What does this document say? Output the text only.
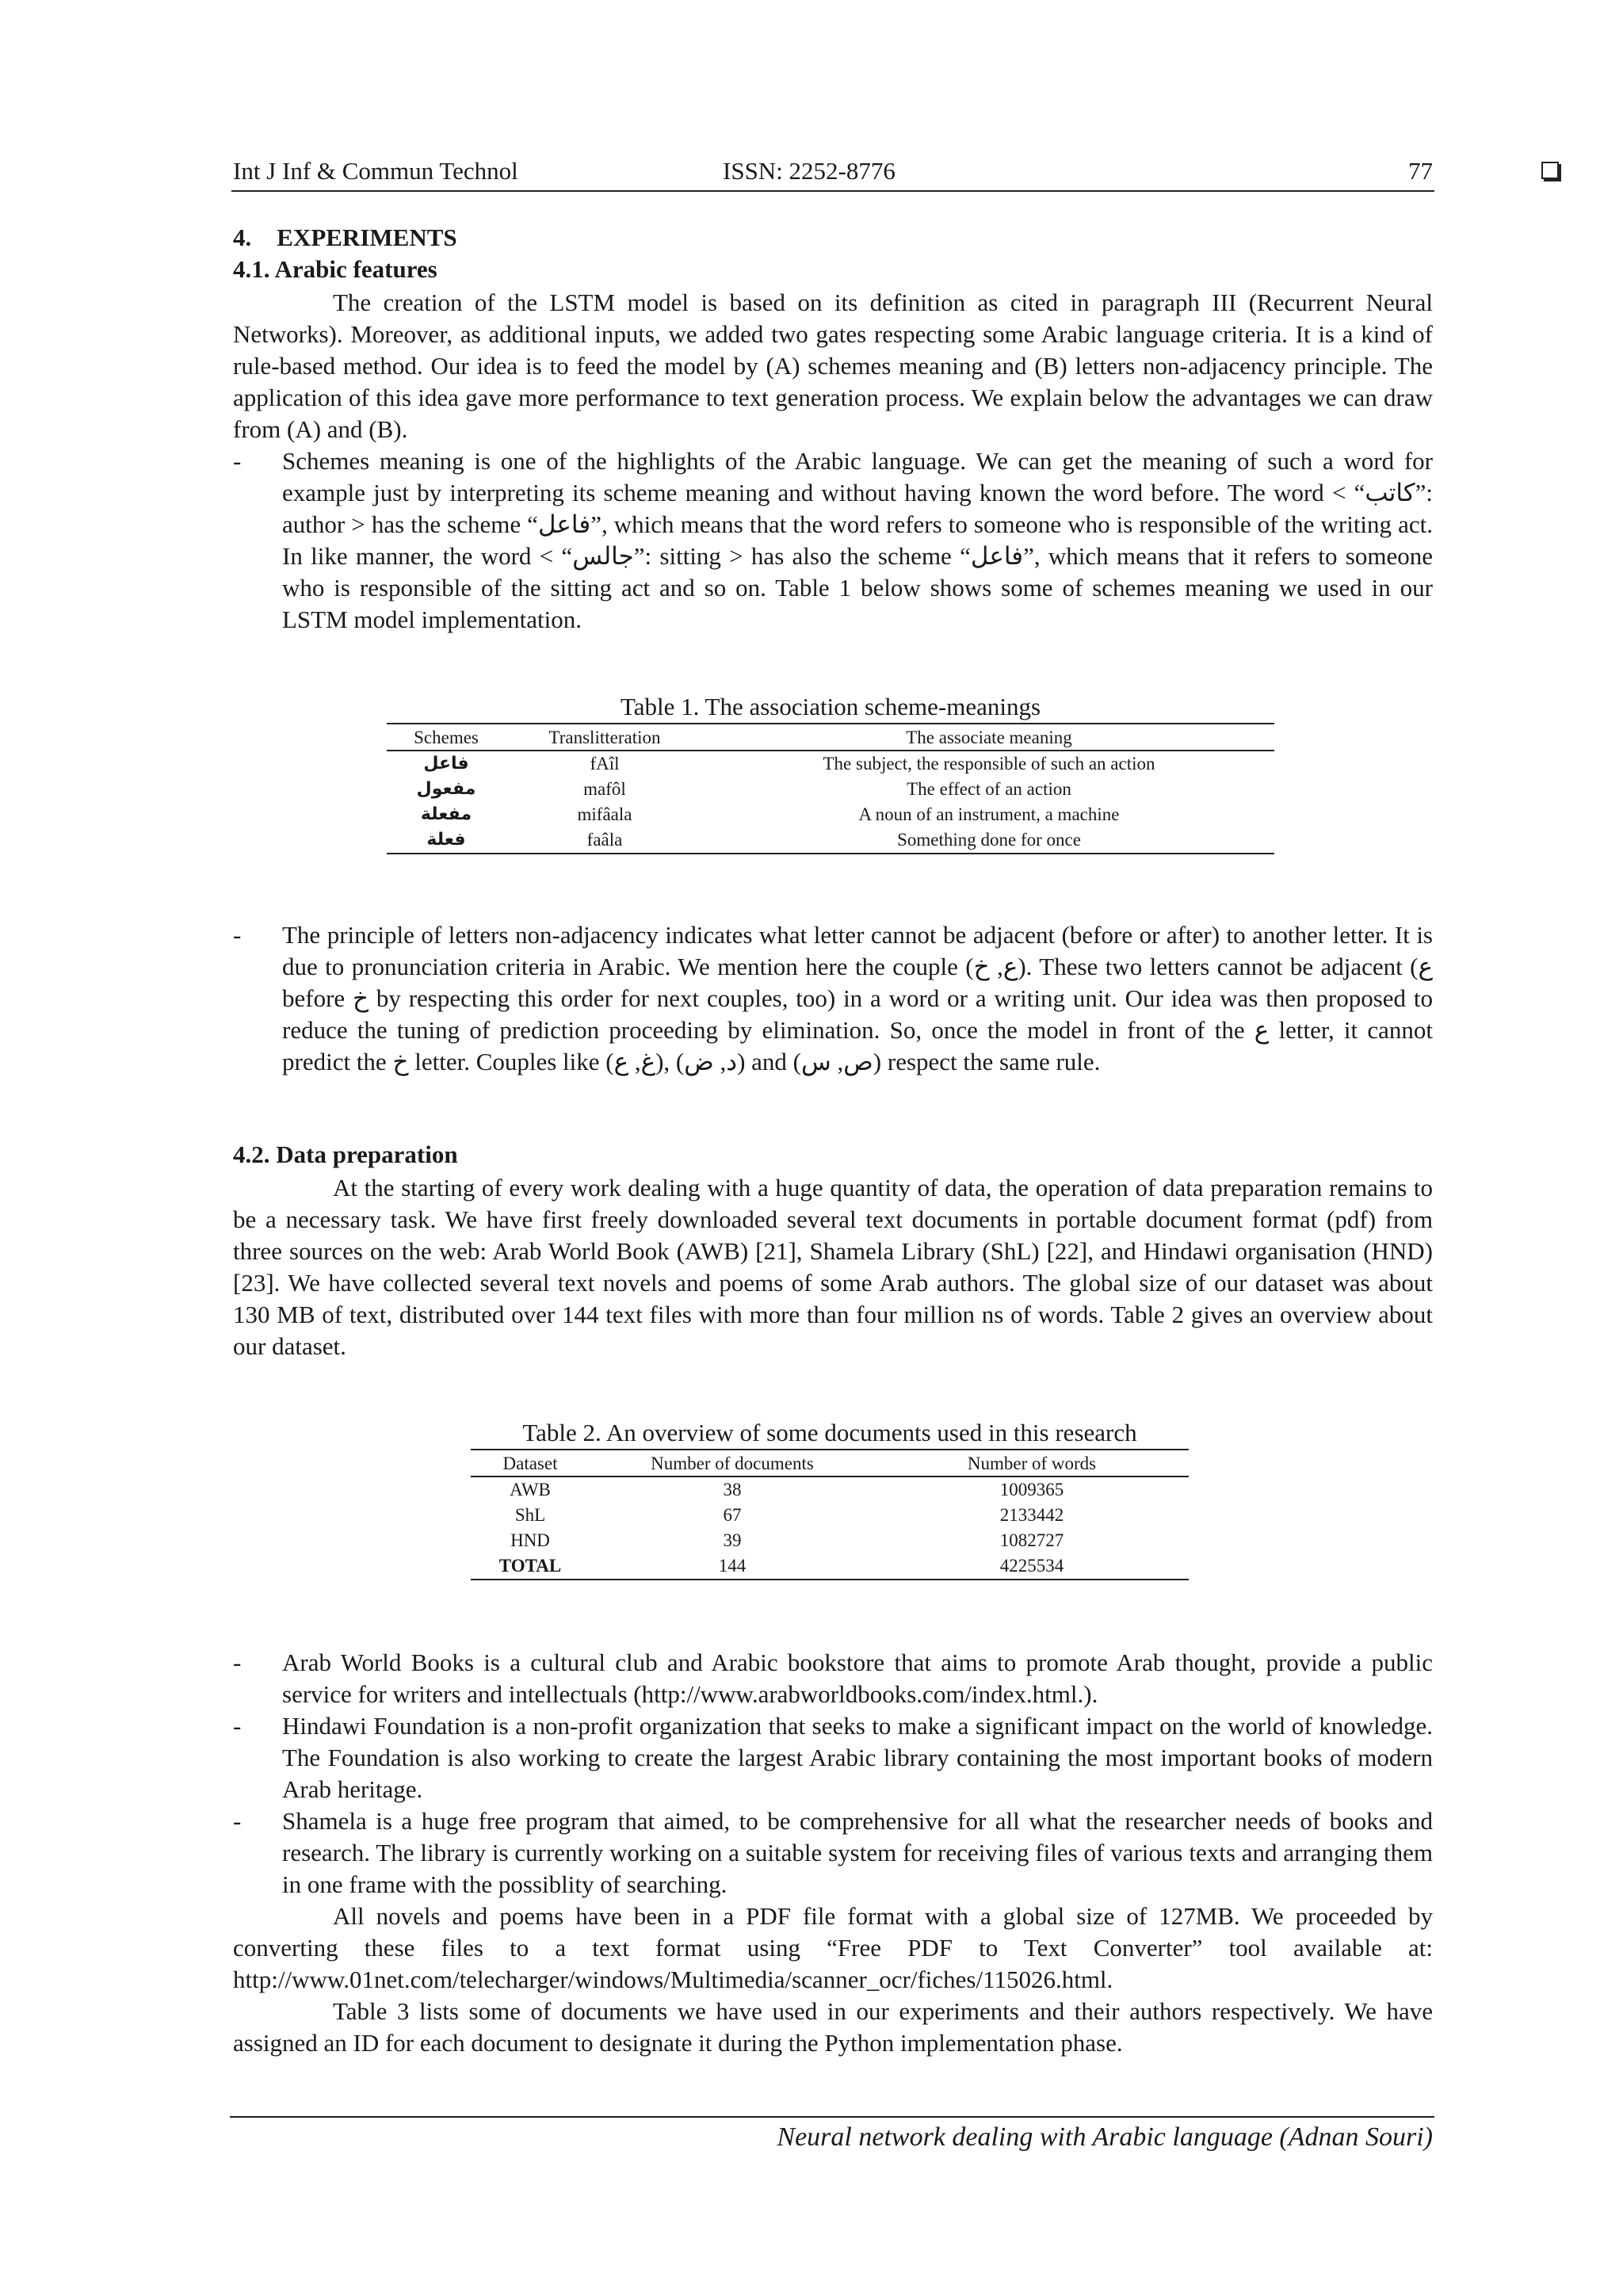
Int J Inf & Commun Technol	ISSN: 2252-8776	77
4. EXPERIMENTS
4.1. Arabic features
The creation of the LSTM model is based on its definition as cited in paragraph III (Recurrent Neural Networks). Moreover, as additional inputs, we added two gates respecting some Arabic language criteria. It is a kind of rule-based method. Our idea is to feed the model by (A) schemes meaning and (B) letters non-adjacency principle. The application of this idea gave more performance to text generation process. We explain below the advantages we can draw from (A) and (B).
- Schemes meaning is one of the highlights of the Arabic language. We can get the meaning of such a word for example just by interpreting its scheme meaning and without having known the word before. The word < “كاتب”: author > has the scheme “فاعل”, which means that the word refers to someone who is responsible of the writing act. In like manner, the word < “جالس”: sitting > has also the scheme “فاعل”, which means that it refers to someone who is responsible of the sitting act and so on. Table 1 below shows some of schemes meaning we used in our LSTM model implementation.
Table 1. The association scheme-meanings
Schemes	Translitteration	The associate meaning
فاعل	fAîl	The subject, the responsible of such an action
مفعول	mafôl	The effect of an action
مفعلة	mifâala	A noun of an instrument, a machine
فعلة	faâla	Something done for once
- The principle of letters non-adjacency indicates what letter cannot be adjacent (before or after) to another letter. It is due to pronunciation criteria in Arabic. We mention here the couple (ع, خ). These two letters cannot be adjacent (ع before خ by respecting this order for next couples, too) in a word or a writing unit. Our idea was then proposed to reduce the tuning of prediction proceeding by elimination. So, once the model in front of the ع letter, it cannot predict the خ letter. Couples like (غ, ع), (د, ض) and (ص, س) respect the same rule.
4.2. Data preparation
At the starting of every work dealing with a huge quantity of data, the operation of data preparation remains to be a necessary task. We have first freely downloaded several text documents in portable document format (pdf) from three sources on the web: Arab World Book (AWB) [21], Shamela Library (ShL) [22], and Hindawi organisation (HND) [23]. We have collected several text novels and poems of some Arab authors. The global size of our dataset was about 130 MB of text, distributed over 144 text files with more than four million ns of words. Table 2 gives an overview about our dataset.
Table 2. An overview of some documents used in this research
Dataset	Number of documents	Number of words
AWB	38	1009365
ShL	67	2133442
HND	39	1082727
TOTAL	144	4225534
- Arab World Books is a cultural club and Arabic bookstore that aims to promote Arab thought, provide a public service for writers and intellectuals (http://www.arabworldbooks.com/index.html.).
- Hindawi Foundation is a non-profit organization that seeks to make a significant impact on the world of knowledge. The Foundation is also working to create the largest Arabic library containing the most important books of modern Arab heritage.
- Shamela is a huge free program that aimed, to be comprehensive for all what the researcher needs of books and research. The library is currently working on a suitable system for receiving files of various texts and arranging them in one frame with the possiblity of searching.
All novels and poems have been in a PDF file format with a global size of 127MB. We proceeded by converting these files to a text format using “Free PDF to Text Converter” tool available at: http://www.01net.com/telecharger/windows/Multimedia/scanner_ocr/fiches/115026.html.
Table 3 lists some of documents we have used in our experiments and their authors respectively. We have assigned an ID for each document to designate it during the Python implementation phase.
Neural network dealing with Arabic language (Adnan Souri)
